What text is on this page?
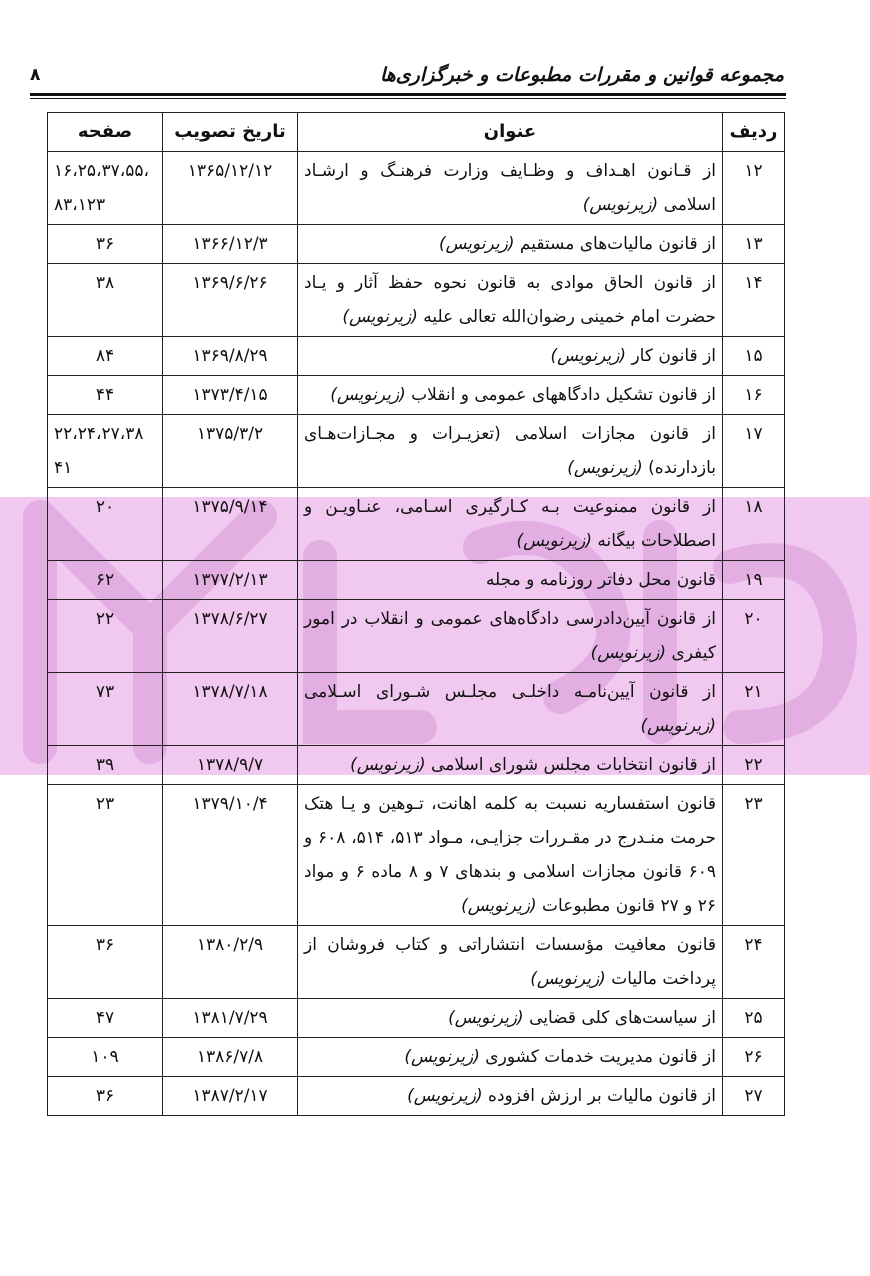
۸	مجموعه قوانین و مقررات مطبوعات و خبرگزاری‌ها
ردیف	عنوان	تاریخ تصویب	صفحه
۱۲	از قـانون اهـداف و وظـایف وزارت فرهنـگ و ارشـاد اسلامی (زیرنویس)	۱۳۶۵/۱۲/۱۲	۱۶،۲۵،۳۷،۵۵، ۸۳،۱۲۳
۱۳	از قانون مالیات‌های مستقیم (زیرنویس)	۱۳۶۶/۱۲/۳	۳۶
۱۴	از قانون الحاق موادی به قانون نحوه حفظ آثار و یـاد حضرت امام خمینی رضوان‌الله تعالی علیه (زیرنویس)	۱۳۶۹/۶/۲۶	۳۸
۱۵	از قانون کار (زیرنویس)	۱۳۶۹/۸/۲۹	۸۴
۱۶	از قانون تشکیل دادگاههای عمومی و انقلاب (زیرنویس)	۱۳۷۳/۴/۱۵	۴۴
۱۷	از قانون مجازات اسلامی (تعزیـرات و مجـازات‌هـای بازدارنده) (زیرنویس)	۱۳۷۵/۳/۲	۲۲،۲۴،۲۷،۳۸ ۴۱
۱۸	از قانون ممنوعیت بـه کـارگیری اسـامی، عنـاویـن و اصطلاحات بیگانه (زیرنویس)	۱۳۷۵/۹/۱۴	۲۰
۱۹	قانون محل دفاتر روزنامه و مجله	۱۳۷۷/۲/۱۳	۶۲
۲۰	از قانون آیین‌دادرسی دادگاه‌های عمومی و انقلاب در امور کیفری (زیرنویس)	۱۳۷۸/۶/۲۷	۲۲
۲۱	از قانون آیین‌نامـه داخلـی مجلـس شـورای اسـلامی (زیرنویس)	۱۳۷۸/۷/۱۸	۷۳
۲۲	از قانون انتخابات مجلس شورای اسلامی (زیرنویس)	۱۳۷۸/۹/۷	۳۹
۲۳	قانون استفساریه نسبت به کلمه اهانت، تـوهین و یـا هتک حرمت منـدرج در مقـررات جزایـی، مـواد ۵۱۳، ۵۱۴، ۶۰۸ و ۶۰۹ قانون مجازات اسلامی و بندهای ۷ و ۸ ماده ۶ و مواد ۲۶ و ۲۷ قانون مطبوعات (زیرنویس)	۱۳۷۹/۱۰/۴	۲۳
۲۴	قانون معافیت مؤسسات انتشاراتی و کتاب فروشان از پرداخت مالیات (زیرنویس)	۱۳۸۰/۲/۹	۳۶
۲۵	از سیاست‌های کلی قضایی (زیرنویس)	۱۳۸۱/۷/۲۹	۴۷
۲۶	از قانون مدیریت خدمات کشوری (زیرنویس)	۱۳۸۶/۷/۸	۱۰۹
۲۷	از قانون مالیات بر ارزش افزوده (زیرنویس)	۱۳۸۷/۲/۱۷	۳۶
